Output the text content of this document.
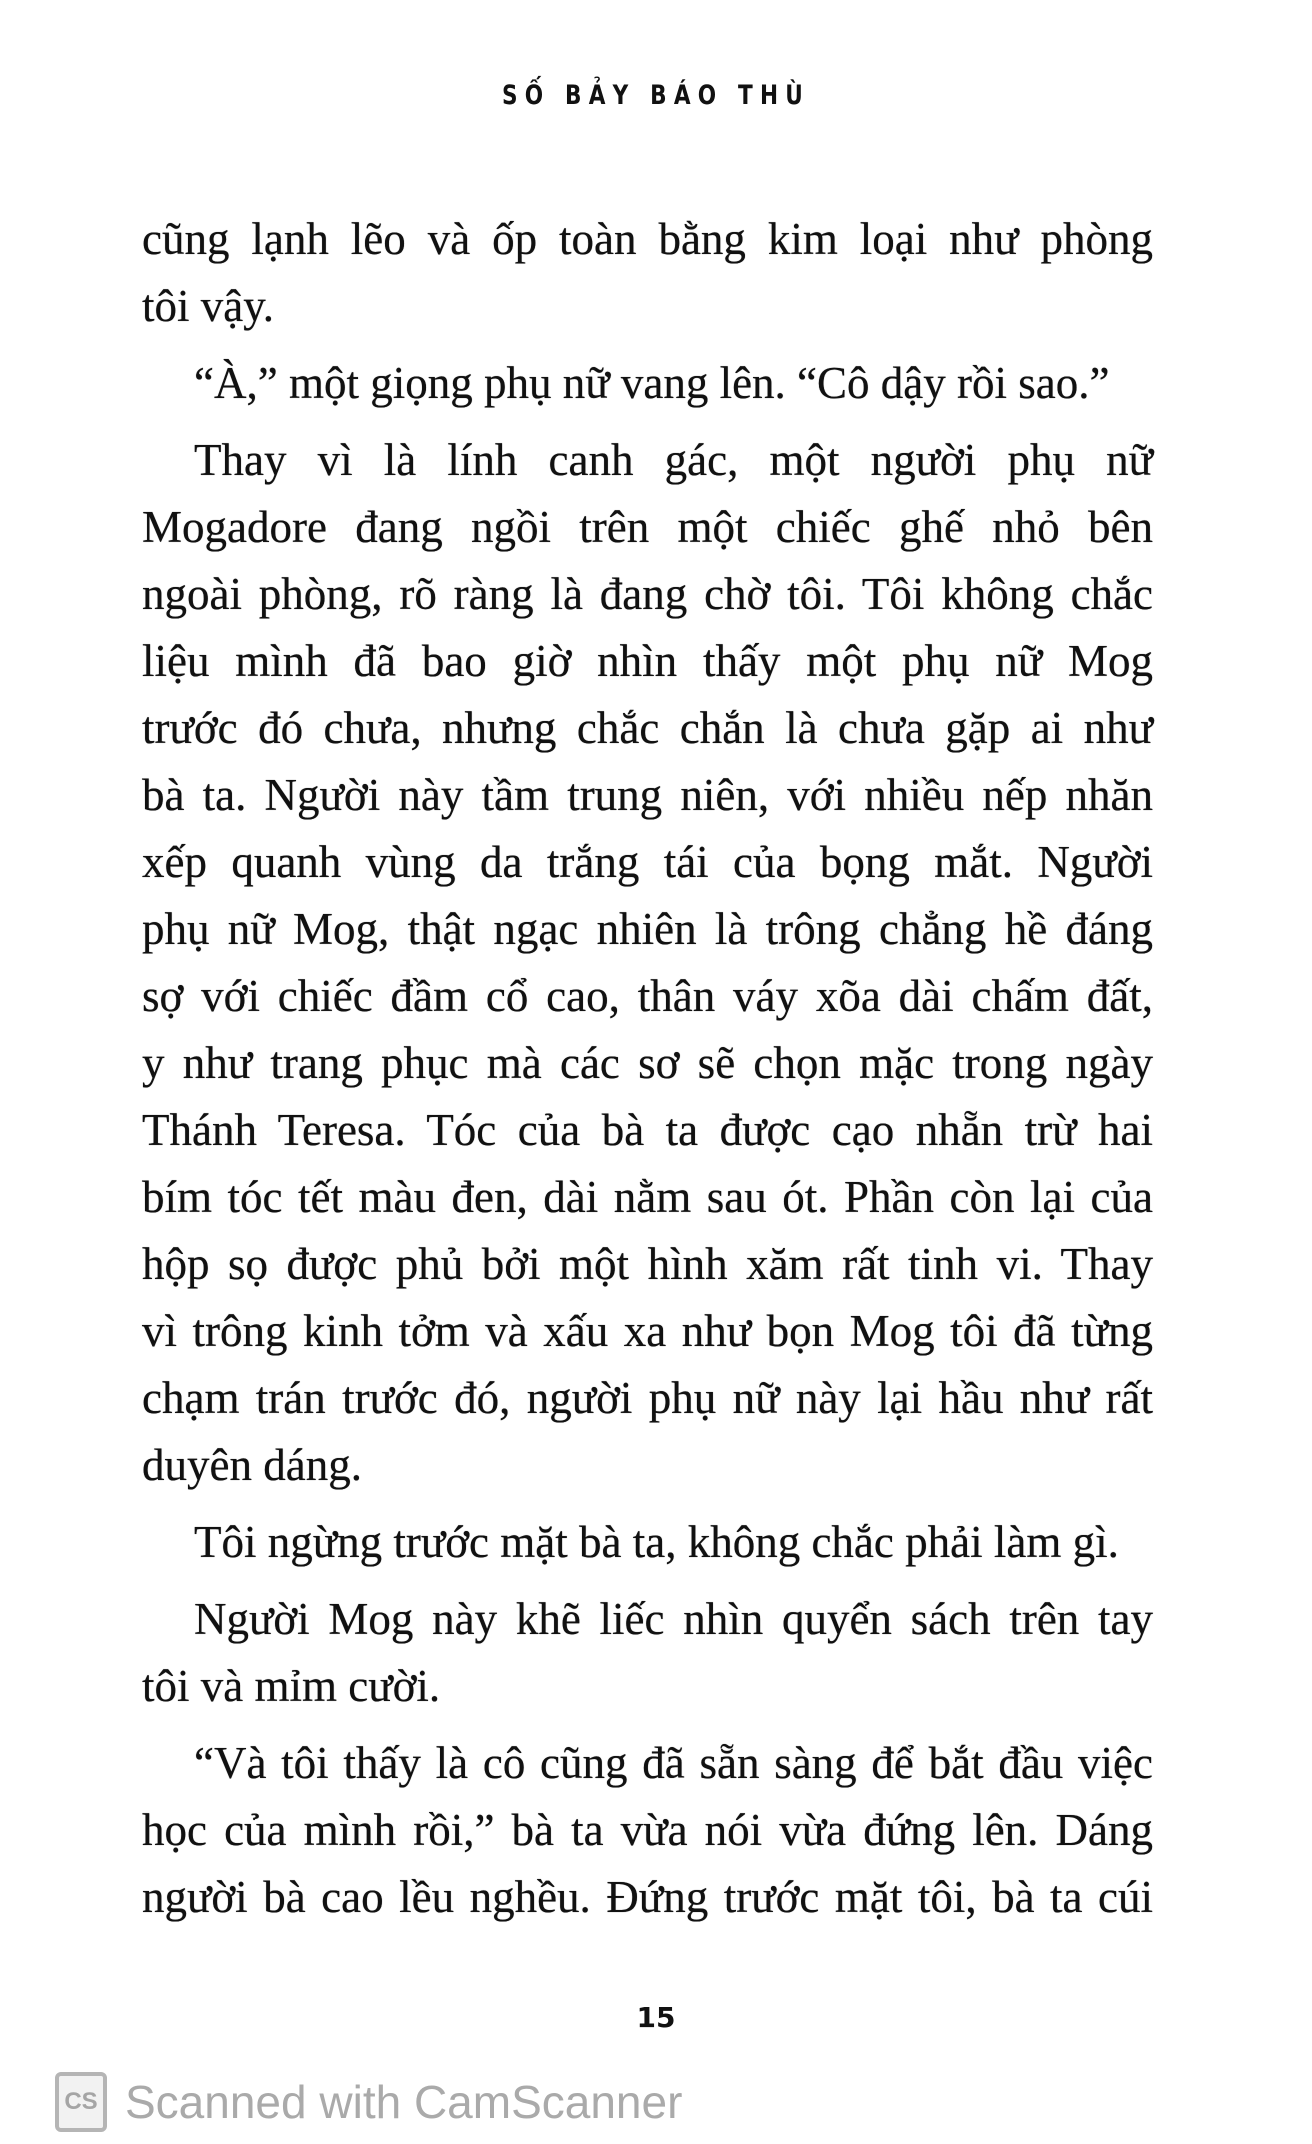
SỐ BẢY BÁO THÙ
cũng lạnh lẽo và ốp toàn bằng kim loại như phòng
tôi vậy.
“À,” một giọng phụ nữ vang lên. “Cô dậy rồi sao.”
Thay vì là lính canh gác, một người phụ nữ
Mogadore đang ngồi trên một chiếc ghế nhỏ bên
ngoài phòng, rõ ràng là đang chờ tôi. Tôi không chắc
liệu mình đã bao giờ nhìn thấy một phụ nữ Mog
trước đó chưa, nhưng chắc chắn là chưa gặp ai như
bà ta. Người này tầm trung niên, với nhiều nếp nhăn
xếp quanh vùng da trắng tái của bọng mắt. Người
phụ nữ Mog, thật ngạc nhiên là trông chẳng hề đáng
sợ với chiếc đầm cổ cao, thân váy xõa dài chấm đất,
y như trang phục mà các sơ sẽ chọn mặc trong ngày
Thánh Teresa. Tóc của bà ta được cạo nhẵn trừ hai
bím tóc tết màu đen, dài nằm sau ót. Phần còn lại của
hộp sọ được phủ bởi một hình xăm rất tinh vi. Thay
vì trông kinh tởm và xấu xa như bọn Mog tôi đã từng
chạm trán trước đó, người phụ nữ này lại hầu như rất
duyên dáng.
Tôi ngừng trước mặt bà ta, không chắc phải làm gì.
Người Mog này khẽ liếc nhìn quyển sách trên tay
tôi và mỉm cười.
“Và tôi thấy là cô cũng đã sẵn sàng để bắt đầu việc
học của mình rồi,” bà ta vừa nói vừa đứng lên. Dáng
người bà cao lều nghều. Đứng trước mặt tôi, bà ta cúi
15
CS Scanned with CamScanner
